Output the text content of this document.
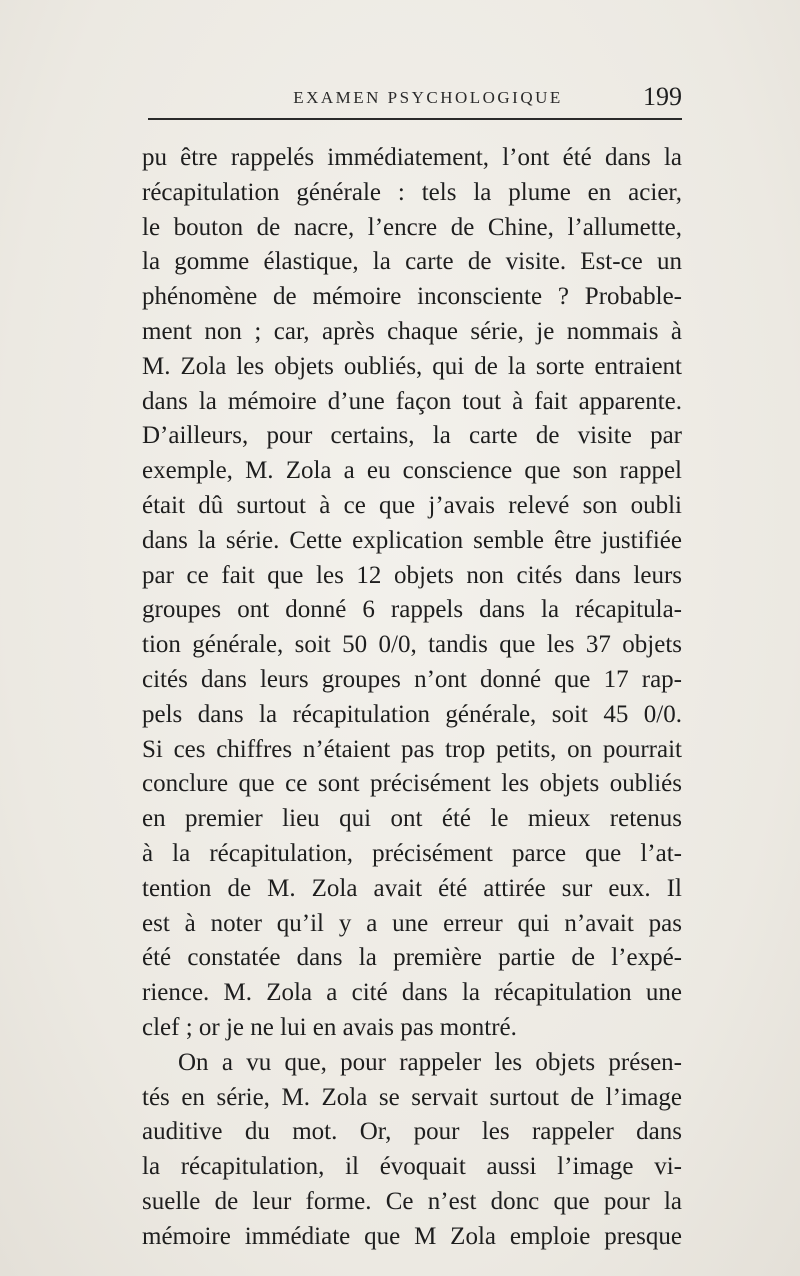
EXAMEN PSYCHOLOGIQUE	199
pu être rappelés immédiatement, l’ont été dans la
récapitulation générale : tels la plume en acier,
le bouton de nacre, l’encre de Chine, l’allumette,
la gomme élastique, la carte de visite. Est-ce un
phénomène de mémoire inconsciente ? Probable-
ment non ; car, après chaque série, je nommais à
M. Zola les objets oubliés, qui de la sorte entraient
dans la mémoire d’une façon tout à fait apparente.
D’ailleurs, pour certains, la carte de visite par
exemple, M. Zola a eu conscience que son rappel
était dû surtout à ce que j’avais relevé son oubli
dans la série. Cette explication semble être justifiée
par ce fait que les 12 objets non cités dans leurs
groupes ont donné 6 rappels dans la récapitula-
tion générale, soit 50 0/0, tandis que les 37 objets
cités dans leurs groupes n’ont donné que 17 rap-
pels dans la récapitulation générale, soit 45 0/0.
Si ces chiffres n’étaient pas trop petits, on pourrait
conclure que ce sont précisément les objets oubliés
en premier lieu qui ont été le mieux retenus
à la récapitulation, précisément parce que l’at-
tention de M. Zola avait été attirée sur eux. Il
est à noter qu’il y a une erreur qui n’avait pas
été constatée dans la première partie de l’expé-
rience. M. Zola a cité dans la récapitulation une
clef ; or je ne lui en avais pas montré.
On a vu que, pour rappeler les objets présen-
tés en série, M. Zola se servait surtout de l’image
auditive du mot. Or, pour les rappeler dans
la récapitulation, il évoquait aussi l’image vi-
suelle de leur forme. Ce n’est donc que pour la
mémoire immédiate que M Zola emploie presque
